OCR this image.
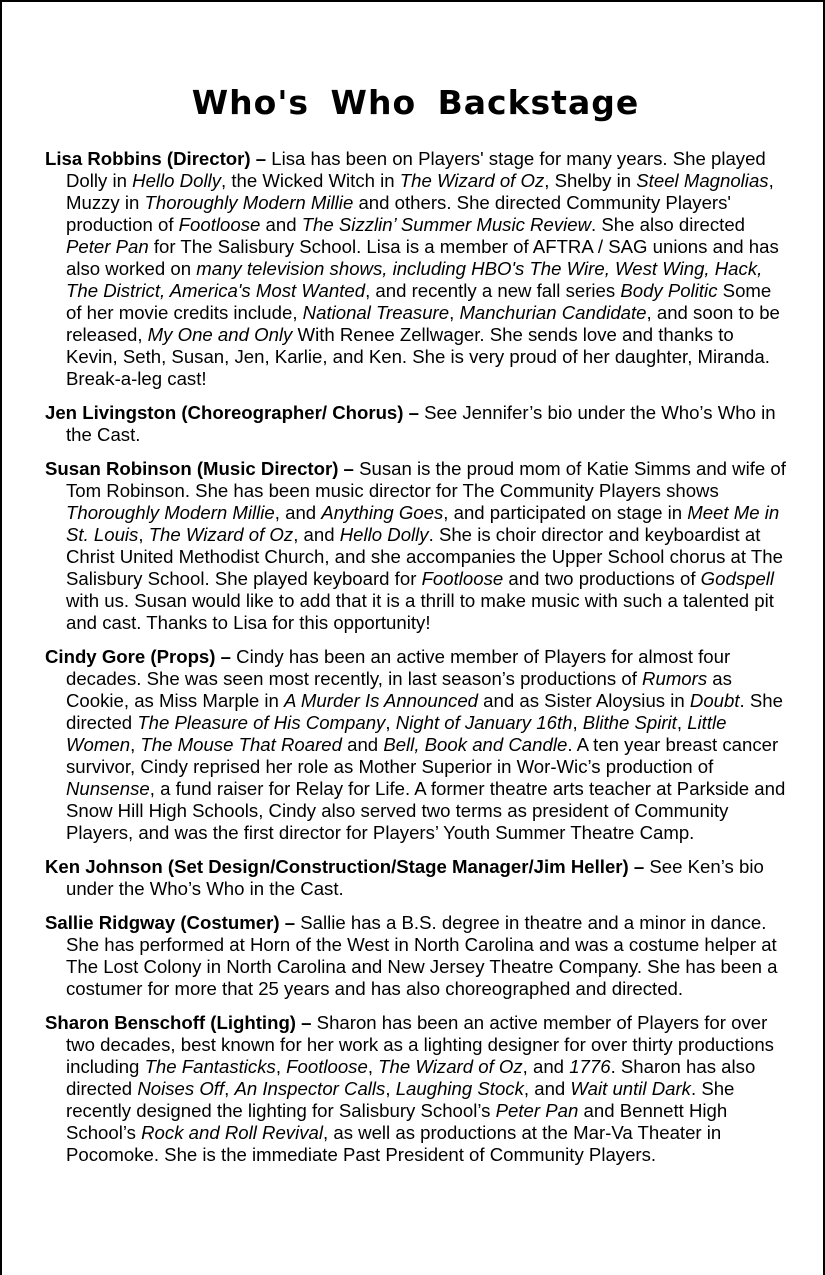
Who's Who Backstage

Lisa Robbins (Director) – Lisa has been on Players' stage for many years. She played Dolly in Hello Dolly, the Wicked Witch in The Wizard of Oz, Shelby in Steel Magnolias, Muzzy in Thoroughly Modern Millie and others. She directed Community Players' production of Footloose and The Sizzlin’ Summer Music Review. She also directed Peter Pan for The Salisbury School. Lisa is a member of AFTRA / SAG unions and has also worked on many television shows, including HBO's The Wire, West Wing, Hack, The District, America's Most Wanted, and recently a new fall series Body Politic Some of her movie credits include, National Treasure, Manchurian Candidate, and soon to be released, My One and Only With Renee Zellwager. She sends love and thanks to Kevin, Seth, Susan, Jen, Karlie, and Ken. She is very proud of her daughter, Miranda. Break-a-leg cast!

Jen Livingston (Choreographer/ Chorus) – See Jennifer’s bio under the Who’s Who in the Cast.

Susan Robinson (Music Director) – Susan is the proud mom of Katie Simms and wife of Tom Robinson. She has been music director for The Community Players shows Thoroughly Modern Millie, and Anything Goes, and participated on stage in Meet Me in St. Louis, The Wizard of Oz, and Hello Dolly. She is choir director and keyboardist at Christ United Methodist Church, and she accompanies the Upper School chorus at The Salisbury School. She played keyboard for Footloose and two productions of Godspell with us. Susan would like to add that it is a thrill to make music with such a talented pit and cast. Thanks to Lisa for this opportunity!

Cindy Gore (Props) – Cindy has been an active member of Players for almost four decades. She was seen most recently, in last season’s productions of Rumors as Cookie, as Miss Marple in A Murder Is Announced and as Sister Aloysius in Doubt. She directed The Pleasure of His Company, Night of January 16th, Blithe Spirit, Little Women, The Mouse That Roared and Bell, Book and Candle. A ten year breast cancer survivor, Cindy reprised her role as Mother Superior in Wor-Wic’s production of Nunsense, a fund raiser for Relay for Life. A former theatre arts teacher at Parkside and Snow Hill High Schools, Cindy also served two terms as president of Community Players, and was the first director for Players’ Youth Summer Theatre Camp.

Ken Johnson (Set Design/Construction/Stage Manager/Jim Heller) – See Ken’s bio under the Who’s Who in the Cast.

Sallie Ridgway (Costumer) – Sallie has a B.S. degree in theatre and a minor in dance. She has performed at Horn of the West in North Carolina and was a costume helper at The Lost Colony in North Carolina and New Jersey Theatre Company. She has been a costumer for more that 25 years and has also choreographed and directed.

Sharon Benschoff (Lighting) – Sharon has been an active member of Players for over two decades, best known for her work as a lighting designer for over thirty productions including The Fantasticks, Footloose, The Wizard of Oz, and 1776. Sharon has also directed Noises Off, An Inspector Calls, Laughing Stock, and Wait until Dark. She recently designed the lighting for Salisbury School’s Peter Pan and Bennett High School’s Rock and Roll Revival, as well as productions at the Mar-Va Theater in Pocomoke. She is the immediate Past President of Community Players.
